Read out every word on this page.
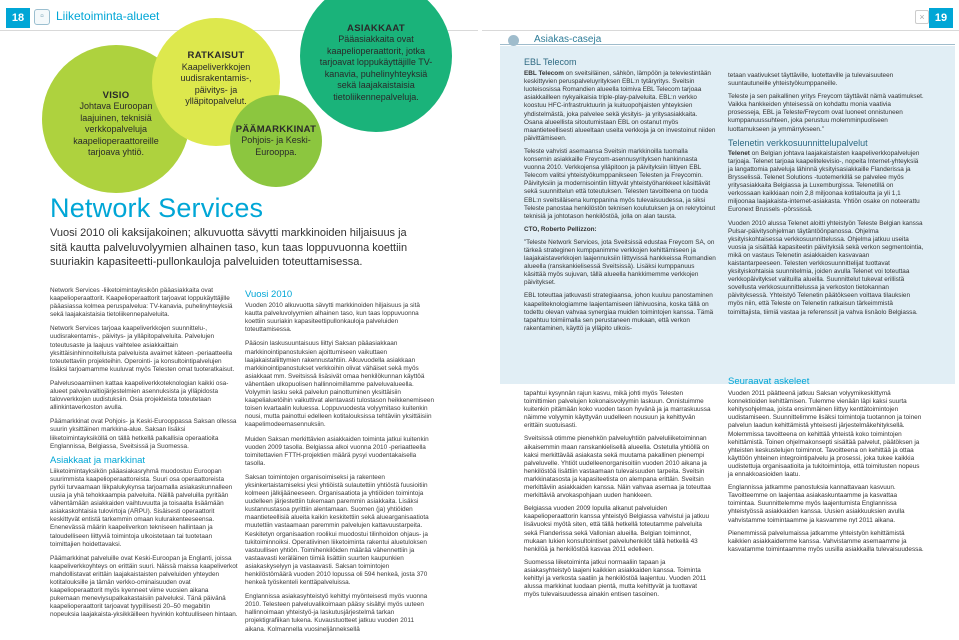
18	▫	Liiketoiminta-alueet	× 19
VISIO
Johtava Euroopan laajuinen, teknisiä verkkopalveluja kaapelioperaattoreille tarjoava yhtiö.
RATKAISUT
Kaapeliverkkojen uudisrakentamis-, päivitys- ja ylläpitopalvelut.
ASIAKKAAT
Pääasiakkaita ovat kaapelioperaattorit, jotka tarjoavat loppukäyttäjille TV-kanavia, puhelinyhteyksiä sekä laajakaistaisia tietoliikennepalveluja.
PÄÄMARKKINAT
Pohjois- ja Keski-Eurooppa.
Network Services
Vuosi 2010 oli kaksijakoinen; alkuvuotta sävytti markkinoiden hiljaisuus ja sitä kautta palveluvolyymien alhainen taso, kun taas loppuvuonna koettiin suuriakin kapasiteetti-pullonkauloja palveluiden toteuttamisessa.

Network Services -liiketoimintayksikön pääasiakkaita ovat kaapelioperaattorit. Kaapelioperaattorit tarjoavat loppukäyttäjille pääasiassa kolmea peruspalvelua: TV-kanavia, puhelinyhteyksiä sekä laajakaistaisia tietoliikennepalveluita.

Network Services tarjoaa kaapeliverkkojen suunnittelu-, uudisrakentamis-, päivitys- ja ylläpitopalveluita. Palvelujen toteutusaste ja laajuus vaihtelee asiakkaittain yksittäisinhinnoitelluista palveluista avaimet käteen -periaatteella toteutettaviin projekteihin. Operointi- ja konsultointipalvelujen lisäksi tarjoamamme kuuluvat myös Telesten omat tuoteratkaisut.

Palvelusoaamiinen kattaa kaapeliverkkoteknologian kaikki osa-alueet palveluvaltiojärjestelmien asennuksista ja ylläpidosta talovverkkojen uudistuksiin. Osia projekteista toteutetaan allinkintaverkoston avulla.

Päämarkkinat ovat Pohjois- ja Keski-Eurooppassa Saksan ollessa suurin yksittäinen markkina-alue. Saksan lisäksi liiketoimintayksiköllä on tällä hetkellä palkallisia operaatioita Englannissa, Belgiassa, Sveitsissä ja Suomessa.

Asiakkaat ja markkinat

Liiketoimintayksikön pääasiakasryhmä muodostuu Euroopan suurimmista kaapelioperaattoreista. Suuri osa operaattoreista pyrkii turvaamaan liikpalukykynsa tarjoamalla asiakaskunnalleen uusia ja yhä tehokkaampia palveluita. Näillä palveluilla pyritään vähentämään asiakkaiden vaihtuvuutta ja toisaalta lisäämään asiakaskohtaisia tulovirtoja (ARPU). Sisäisesti operaattorit keskittyvät entistä tarkemmin omaan kulurakenteeseensa. Enenevässä määrin kaapeliverkon tekniseen hallintaan ja taloudelliseen liittyviä toimintoja ulkoistetaan tai tuotetaan toimittajien hoidettavaksi.

Päämarkkinat palveluille ovat Keski-Euroopan ja Englanti, joissa kaapeliverkkoyhteys on erittäin suuri. Näissä maissa kaapeliverkot mahdollistavat erittäin laajakaistaisten palveluiden yhteyden kotitalouksille ja tämän verkko-ominaisuuden ovat kaapelioperaattorit myös kyenneet viime vuosien aikana pukemaan meneviysupalkakastaisiin palveluksi. Tänä päivänä kaapelioperaattorit tarjoavat tyypillisesti 20–50 megabitin nopeuksia laajakaista-yksikkäilleen hyvinkin kohtuulliseen hintaan.

Vuosi 2010

Vuoden 2010 alkuvuotta sävytti markkinoiden hiljaisuus ja sitä kautta palveluvolyymien alhainen taso, kun taas loppuvuonna koettiin suuriakin kapasiteettipullonkauloja palveluiden toteuttamisessa.

Pääosin laskusuuntaisuus liittyi Saksan pääasiakkaan markkinointipanostuksien ajoittumiseen vaikuttaen laajakaistaliittymien rakennustahtiin. Alkuvuodella asiakkaan markkinointipanostukset verkkoihin olivat vähäiset sekä myös asiakkaat mm. Sveitsissä lisäsivät omaa henkilökunnan käyttöä vähentäen ulkopuolisen hallinnoimillamme palveluvalueella. Volyymin lasku sekä palvelun painottuminen yksittäisiin kaapelialuetöihin vaikuttivat alentavasti tulostason heikkenemiseen toisen kvartaalin kuluessa. Loppuvuodesta volyymitaso kuitenkin nousi, mutta painottui edelleen kotitalouksissa tehtäviin yksittäisiin kaapelimodeemasennuksiin.

Muiden Saksan merkittävien asiakkaiden toiminta jatkui kuitenkin vuoden 2009 tasolla. Belgiassa alkoi vuonna 2010 -periaatteella toimitettavien FTTH-projektien määrä pysyi vuodentakaisella tasolla.

Saksan toimintojen organisoimiseksi ja rakenteen yksinkertaistamiseksi yksi yhtiöistä sulautettiin yhtiöstä fuusioitiin kolmeen jälkijääneeseen. Organisaatiota ja yhtiöiden toimintoja uudelleen järjestettiin tukemaan paremmin asiakkaita. Lisäksi kustannustasoa pyrittiin alentamaan. Suomen (ja) yhtiöiden maantieteellisiä alueita kaikin keskitettiin sekä aluearganisaatiota muutettiin vastaamaan paremmin palvelujen kattavuustarpeita. Keskitetyn organisaation roolikui muodostui tilinhoidon ohjaus- ja tukitoiminnoiksi. Operatiivinen liiketoiminta rakentui aluetuloksen vastuullisen yhtiön. Toimihenkilöiden määrää vähennettiin ja vastaavasti keräläinen tiimiä lisättiin suurten kaupunkien asiakaskyselyyn ja vastaavasti. Saksan toimintojen henkilöstömäärä vuoden 2010 lopussa oli 594 henkeä, josta 370 henkeä työskenteli kenttäpalveluissa.

Englannissa asiakasyhteistyö kehittyi myönteisesti myös vuonna 2010. Telesteen palveluvalikoimaan pääsy sisältyi myös uuteen hallinnoimaan yhteistyö-ja laskutusjärjestelmä tarkan projektigrafiikan tukena. Kuvaustuotteet jatkuu vuoden 2011 aikana. Kolmannella vuosineljänneksellä

Asiakas-caseja
EBL Telecom

EBL Telecom on sveitsiläinen, sähkön, lämpöön ja televiestintään keskittyvien peruspalveluyrityksen EBL:n tytäryritys. Sveitsin luoteisosissa Romandien alueella toimiva EBL Telecom tarjoaa asiakkailleen nykyaikaisia triple-play-palveluita. EBL:n verkko koostuu HFC-infrastruktuurin ja kuituopohjaisten yhteyksien yhdistelmästä, joka palvelee sekä yksityis- ja yritysasiakkaita. Osana alueellista sitoutumistaan EBL on ostanut myös maantieteellisesti alueeltaan useita verkkoja ja on investoinut niiden päivittämiseen.

Teleste vahvisti asemaansa Sveitsin markkinoilla tuomalla konsernin asiakkaille Freycom-asennusyrityksen hankinnasta vuonna 2010. Verkkojensa ylläpitoon ja päivityksiin liittyen EBL Telecom valitsi yhteistyökumppanikseen Telesten ja Freycomin. Päivityksiin ja modernisointiin liittyvät yhteistyöhankkeet käsittävät sekä suunnittelun että toteutuksen. Telesten tavoitteena on tuoda EBL:n sveitsiläisena kumppanina myös tulevaisuudessa, ja siksi Teleste panostaa henkilöstön teknisen koulutuksen ja on rekrytoinut teknisiä ja johtotason henkilöstöä, jolla on alan tausta.

CTO, Roberto Pellizzon:

”Teleste Network Services, jota Sveitsissä edustaa Freycom SA, on tärkeä strateginen kumppanimme verkkojen kehittämiseen ja laajakaistaverkkojen laajennuksiin liittyvissä hankkeissa Romandien alueella (ranskankielisessä Sveitsissä). Lisäksi kumppanuus käsittää myös sujuvan, tällä alueella hankkimemme verkkojen päivitykset.

EBL toteuttaa jatkuvasti strategiaansa, johon kuuluu panostaminen kaapeliteknologiamme laajentamiseen lähivuosina, koska tällä on todettu olevan vahvaa synergiaa muiden toimintojen kanssa. Tämä tapahtuu toimiimalla sen perustaneen mukaan, että verkon rakentaminen, käyttö ja ylläpito ulkois-

tetaan vaativukset täyttäville, luotettaville ja tulevaisuuteen suuntautuneille yhteistyökumppaneille.

Teleste ja sen paikallinen yritys Freycom täyttävät nämä vaatimukset. Vaikka hankkeiden yhteisessä on kohdattu monia vaativia prosesseja, EBL ja Teleste/Freycom ovat luoneet onnistuneen kumppanuussuhteen, joka perustuu molemminpuoliseen luottamukseen ja ymmärrykseen.”

Telenetin verkkosuunnittelupalvelut

Telenet on Belgian johtava laajakaistaisten kaapeliverkkopalvelujen tarjoaja. Telenet tarjoaa kaapelitelevisio-, nopeita Internet-yhteyksiä ja langattomia palveluja lähinnä yksityisasiakkaille Flanderissa ja Brysselissä. Telenet Solutions -tuotemerkillä se palvelee myös yritysasiakkaita Belgiassa ja Luxemburgissa. Telenetillä on verkossaan kaikkiaan noin 2,8 miljoonaa kotitaloutta ja yli 1,1 miljoonaa laajakaista-internet-asiakasta. Yhtiön osake on noteerattu Euronext Brussels -pörssissä.

Vuoden 2010 alussa Telenet aloitti yhteistyön Teleste Belgian kanssa Pulsar-päivitysohjelman täytäntöönpanossa. Ohjelma yksityiskohtaisessa verkkosuunnittelussa. Ohjelma jatkuu useita vuosia ja sisältää kapasiteetin päivityksiä sekä verkon segmentointia, mikä on vastaus Telenetin asiakkaiden kasvavaan kaistantarpeeseen. Telesten verkkosuunnittelijat tuottavat yksityiskohtaisia suunnitelmia, joiden avulla Telenet voi toteuttaa verkkopäivitykset valituilla alueilla. Suunnittelut tukevat erillistä sovellusta verkkosuunnittelussa ja verkoston tietokannan päivityksessä. Yhteistyö Telenetin päätökseen voittava tilauksien myös niin, että Teleste on Telenetin ratkaisun tärkeimmistä toimittajista, tiimiä vastaa ja referenssit ja vahva lisnäolo Belgiassa.

tapahtui kysynnän rajun kasvu, mikä johti myös Telesten toimittimien palvelujen kokonaisvolyymin laskuun. Onnistuimme kuitenkin pitämään koko vuoden tason hyvänä ja ja marraskuussa näimme volyymin käyttyvän uudelleen nousuun ja kehittyvän erittäin suotuisasti.

Sveitsissä otimme pienehkön palveluyhtiön palveluliiketoiminnan aikaisemmin maan ranskankielisellä alueella. Ostetulla yhtiöllä on kaksi merkittävää asiakasta sekä muutama pakallinen pienempi palveluvelle. Yhtiöt uudelleenorganisoitiin vuoden 2010 aikana ja henkilöstöä lisättiin vastaamaan tulevaisuuden tarpeita. Sveitsin markkinatasosta ja kapasiteetista on alempana erittäin. Sveitsin merkittäviin asiakkaiden kanssa. Näin vahvaa asemaa ja toteuttaa merkittäviä arvokaspohjaan uuden hankkeen.

Belgiassa vuoden 2009 lopulla alkanut palveluiden kaapelioperaattorin kanssa yhteistyö Belgiassa vahvistui ja jatkuu lisävuoksi myötä siten, että tällä hetkellä toteutamme palveluita sekä Flanderissa sekä Vallonian alueilla. Belgian toiminnot, mukaan lukien konsultointiset palveluhenkilöt tällä hetkellä 43 henkilöä ja henkilöstöä kasvaa 2011 edelleen.

Suomessa liiketoiminta jatkui normaaliin tapaan ja asiakasyhteistyö laajeni kaikkien asiakkaiden kanssa. Toiminta kehittyi ja verkosta saatiin ja henkilöstöä laajentuu. Vuoden 2011 alussa markkinat luodaan pientä, mutta kehittyvät ja tuottavat myös tulevaisuudessa ainakin entisen tasoinen.

Seuraavat askeleet

Vuoden 2011 päätteenä jatkuu Saksan volyymikeskittymä konnektioiden kehittämisen. Tulemme vienään läpi kaksi suurta kehitysohjelmaa, joista ensimmäinen liittyy kenttätoimintojen uudistamiseen. Suunnittelimme lisäksi toimintoja tuotannon ja toinen palvelun laadun kehittämistä yhteisesti järjestelmäkehityksellä. Molemmissa tavoitteena on kehittää yhteistä koko toimintojen kehittämistä. Toinen ohjelmakonsepti sisältää palvelut, päätöksen ja yhteisten keskustelujen toiminnot. Tavoitteena on kehittää ja ottaa käyttöön yhteinen integrointipalvelu ja prosessi, joka tukee kaikkia uudistettuja organisaatioita ja tukitoimintoja, että toimitusten nopeus ja ennakkoasioiden laatu.

Englannissa jatkamme panostuksia kannattavaan kasvuun. Tavoitteemme on laajentaa asiakaskuntaamme ja kasvattaa toimintaa. Suunnittelemme myös laajentumista Englannissa yhteistyössä asiakkaiden kanssa. Uusien asiakkuuksien avulla vahvistamme toimintaamme ja kasvamme nyt 2011 aikana.

Pienemmissä palvelumaissa jatkamme yhteistyön kehittämistä kaikkien asiakkaidemme kanssa. Vahvistamme asemaamme ja kasvatamme toimintaamme myös uusilla asiakkailla tulevaisuudessa.
